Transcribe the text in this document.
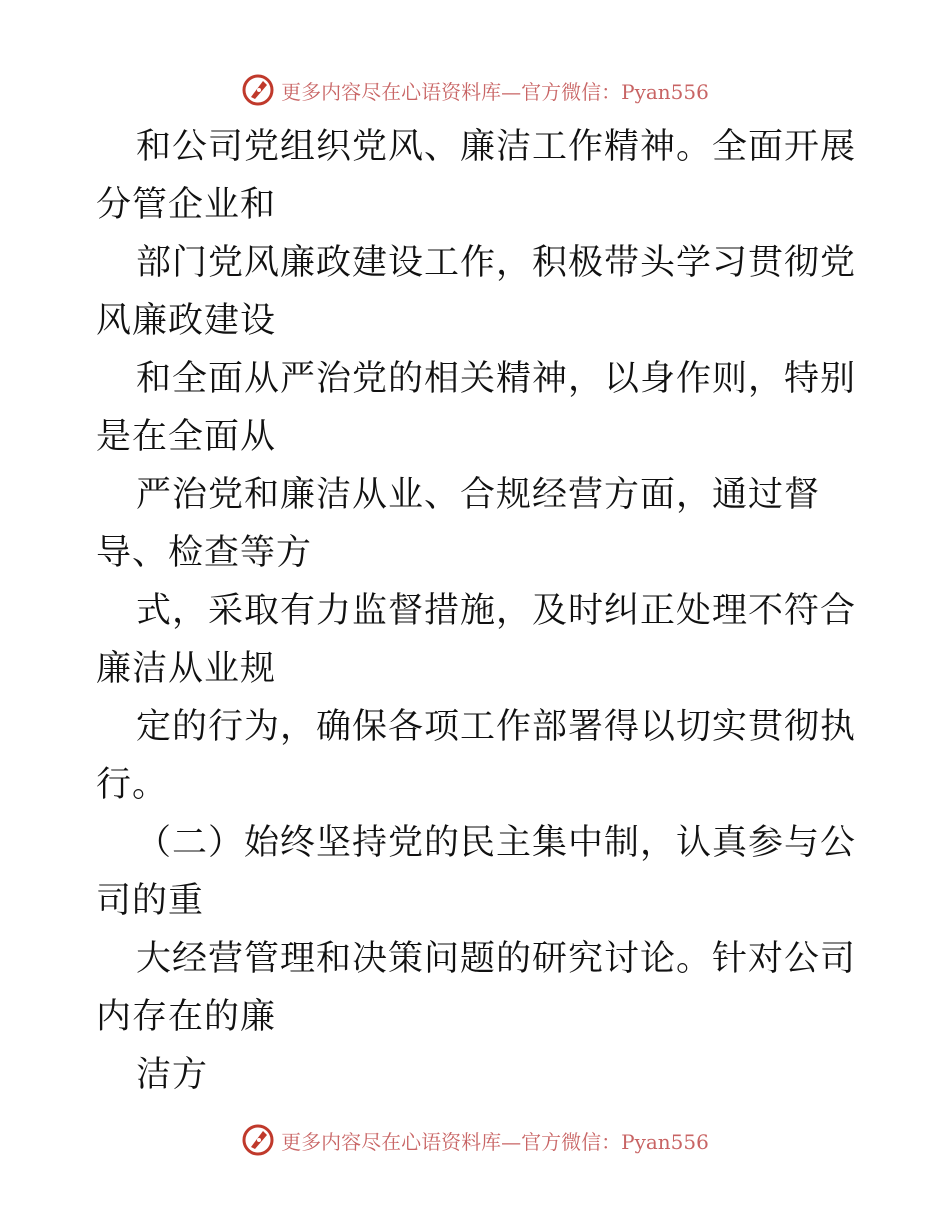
更多内容尽在心语资料库—官方微信：Pyan556

和公司党组织党风、廉洁工作精神。全面开展分管企业和

部门党风廉政建设工作，积极带头学习贯彻党风廉政建设

和全面从严治党的相关精神，以身作则，特别是在全面从

严治党和廉洁从业、合规经营方面，通过督导、检查等方

式，采取有力监督措施，及时纠正处理不符合廉洁从业规

定的行为，确保各项工作部署得以切实贯彻执行。

（二）始终坚持党的民主集中制，认真参与公司的重

大经营管理和决策问题的研究讨论。针对公司内存在的廉

洁方

更多内容尽在心语资料库—官方微信：Pyan556
